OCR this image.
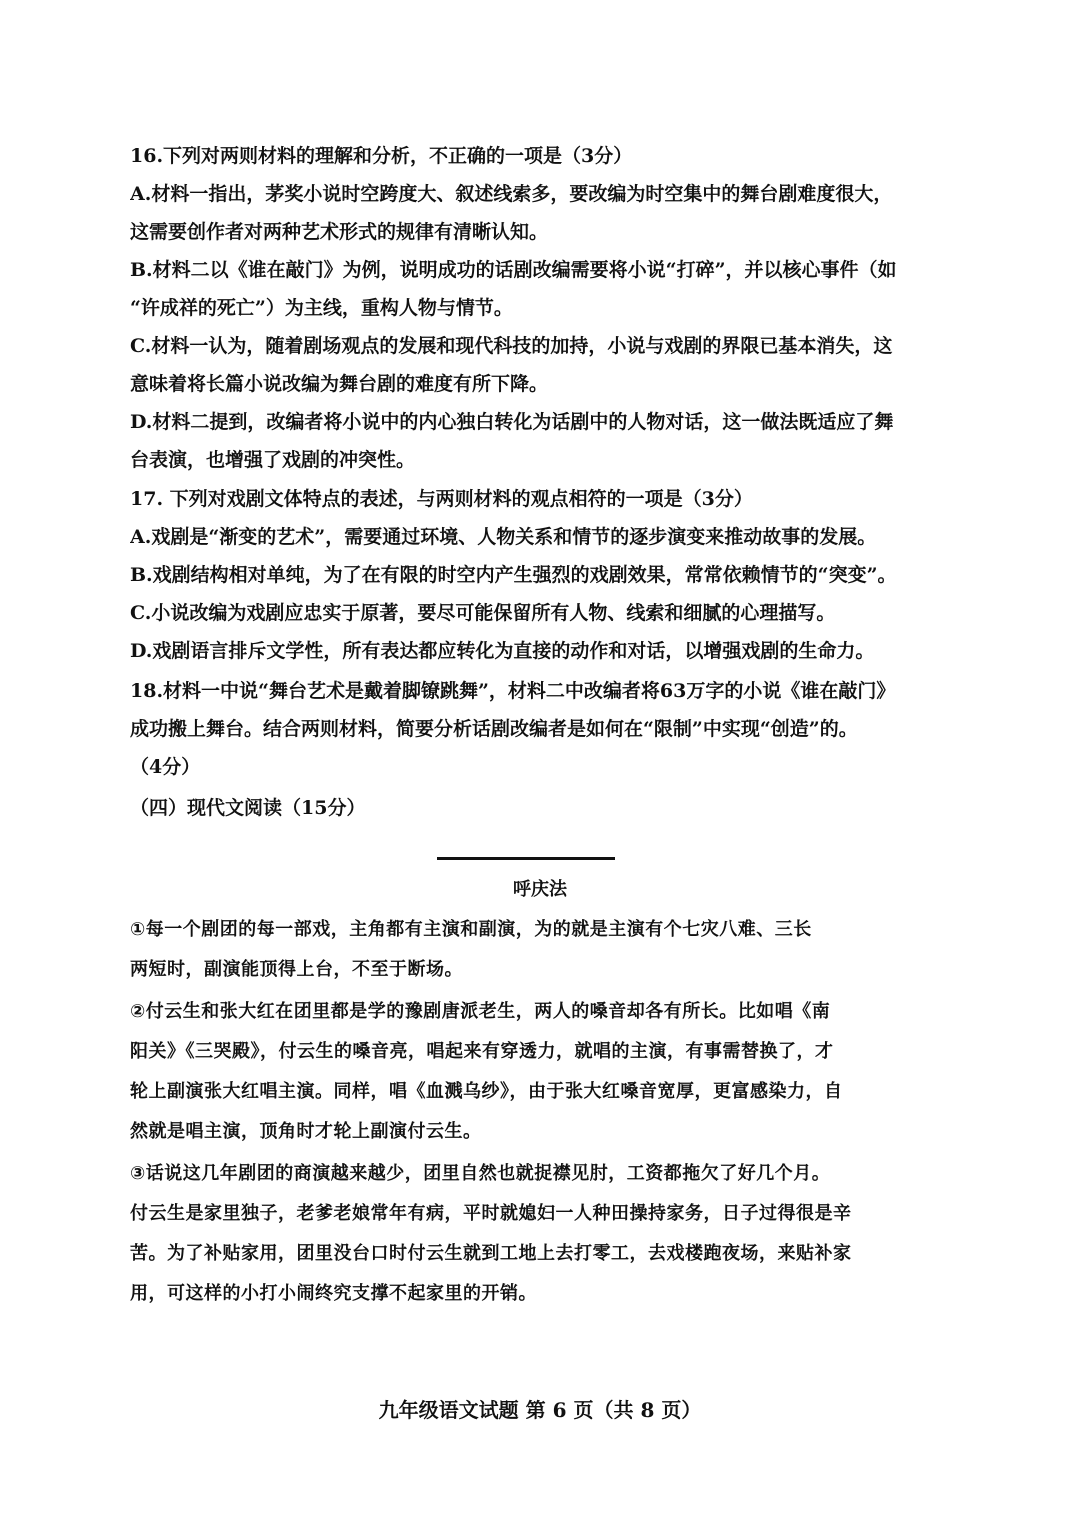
16.下列对两则材料的理解和分析，不正确的一项是（3分）
A.材料一指出，茅奖小说时空跨度大、叙述线索多，要改编为时空集中的舞台剧难度很大，
这需要创作者对两种艺术形式的规律有清晰认知。
B.材料二以《谁在敲门》为例，说明成功的话剧改编需要将小说“打碎”，并以核心事件（如
“许成祥的死亡”）为主线，重构人物与情节。
C.材料一认为，随着剧场观点的发展和现代科技的加持，小说与戏剧的界限已基本消失，这
意味着将长篇小说改编为舞台剧的难度有所下降。
D.材料二提到，改编者将小说中的内心独白转化为话剧中的人物对话，这一做法既适应了舞
台表演，也增强了戏剧的冲突性。
17. 下列对戏剧文体特点的表述，与两则材料的观点相符的一项是（3分）
A.戏剧是“渐变的艺术”，需要通过环境、人物关系和情节的逐步演变来推动故事的发展。
B.戏剧结构相对单纯，为了在有限的时空内产生强烈的戏剧效果，常常依赖情节的“突变”。
C.小说改编为戏剧应忠实于原著，要尽可能保留所有人物、线索和细腻的心理描写。
D.戏剧语言排斥文学性，所有表达都应转化为直接的动作和对话，以增强戏剧的生命力。
18.材料一中说“舞台艺术是戴着脚镣跳舞”，材料二中改编者将63万字的小说《谁在敲门》
成功搬上舞台。结合两则材料，简要分析话剧改编者是如何在“限制”中实现“创造”的。
（4分）
（四）现代文阅读（15分）
呼庆法
①每一个剧团的每一部戏，主角都有主演和副演，为的就是主演有个七灾八难、三长
两短时，副演能顶得上台，不至于断场。
②付云生和张大红在团里都是学的豫剧唐派老生，两人的嗓音却各有所长。比如唱《南
阳关》《三哭殿》，付云生的嗓音亮，唱起来有穿透力，就唱的主演，有事需替换了，才
轮上副演张大红唱主演。同样，唱《血溅乌纱》，由于张大红嗓音宽厚，更富感染力，自
然就是唱主演，顶角时才轮上副演付云生。
③话说这几年剧团的商演越来越少，团里自然也就捉襟见肘，工资都拖欠了好几个月。
付云生是家里独子，老爹老娘常年有病，平时就媳妇一人种田操持家务，日子过得很是辛
苦。为了补贴家用，团里没台口时付云生就到工地上去打零工，去戏楼跑夜场，来贴补家
用，可这样的小打小闹终究支撑不起家里的开销。
九年级语文试题 第 6 页（共 8 页）
